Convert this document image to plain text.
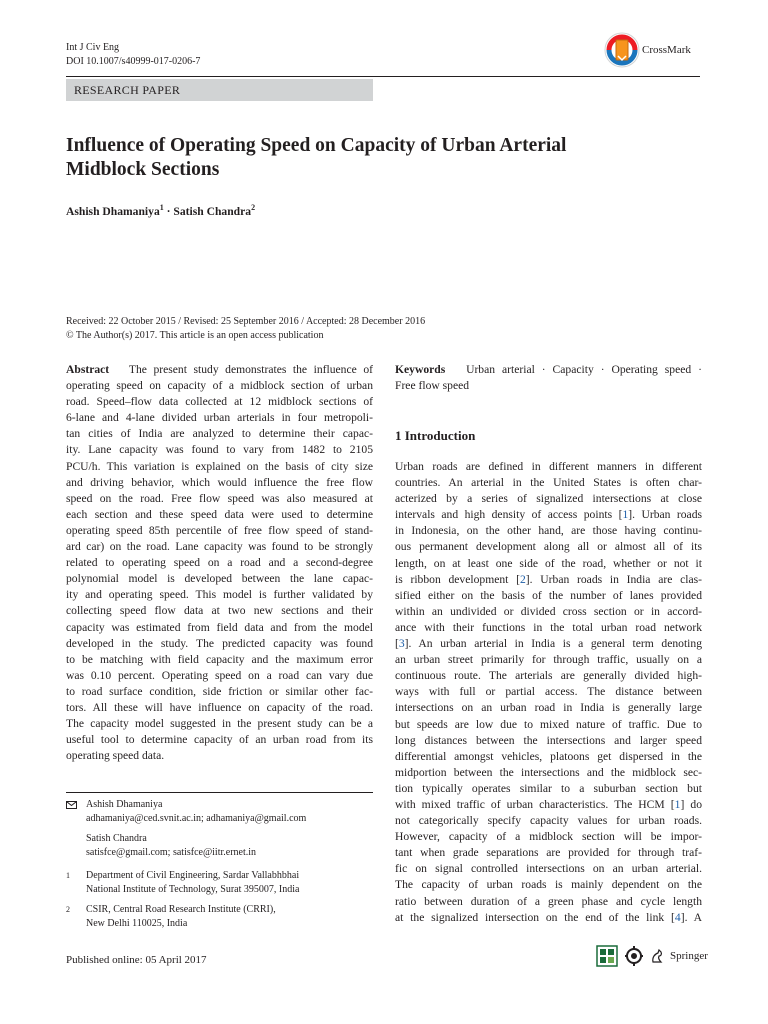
Int J Civ Eng
DOI 10.1007/s40999-017-0206-7
CrossMark
RESEARCH PAPER
Influence of Operating Speed on Capacity of Urban Arterial
Midblock Sections
Ashish Dhamaniya$^1$ · Satish Chandra$^2$
Received: 22 October 2015 / Revised: 25 September 2016 / Accepted: 28 December 2016
© The Author(s) 2017. This article is an open access publication
Abstract The present study demonstrates the influence of
operating speed on capacity of a midblock section of urban
road. Speed–flow data collected at 12 midblock sections of
6-lane and 4-lane divided urban arterials in four metropoli-
tan cities of India are analyzed to determine their capac-
ity. Lane capacity was found to vary from 1482 to 2105
PCU/h. This variation is explained on the basis of city size
and driving behavior, which would influence the free flow
speed on the road. Free flow speed was also measured at
each section and these speed data were used to determine
operating speed 85th percentile of free flow speed of stand-
ard car) on the road. Lane capacity was found to be strongly
related to operating speed on a road and a second-degree
polynomial model is developed between the lane capac-
ity and operating speed. This model is further validated by
collecting speed flow data at two new sections and their
capacity was estimated from field data and from the model
developed in the study. The predicted capacity was found
to be matching with field capacity and the maximum error
was 0.10 percent. Operating speed on a road can vary due
to road surface condition, side friction or similar other fac-
tors. All these will have influence on capacity of the road.
The capacity model suggested in the present study can be a
useful tool to determine capacity of an urban road from its
operating speed data.
Keywords Urban arterial · Capacity · Operating speed ·
Free flow speed
1 Introduction
Urban roads are defined in different manners in different
countries. An arterial in the United States is often char-
acterized by a series of signalized intersections at close
intervals and high density of access points [1]. Urban roads
in Indonesia, on the other hand, are those having continu-
ous permanent development along all or almost all of its
length, on at least one side of the road, whether or not it
is ribbon development [2]. Urban roads in India are clas-
sified either on the basis of the number of lanes provided
within an undivided or divided cross section or in accord-
ance with their functions in the total urban road network
[3]. An urban arterial in India is a general term denoting
an urban street primarily for through traffic, usually on a
continuous route. The arterials are generally divided high-
ways with full or partial access. The distance between
intersections on an urban road in India is generally large
but speeds are low due to mixed nature of traffic. Due to
long distances between the intersections and larger speed
differential amongst vehicles, platoons get dispersed in the
midportion between the intersections and the midblock sec-
tion typically operates similar to a suburban section but
with mixed traffic of urban characteristics. The HCM [1] do
not categorically specify capacity values for urban roads.
However, capacity of a midblock section will be impor-
tant when grade separations are provided for through traf-
fic on signal controlled intersections on an urban arterial.
The capacity of urban roads is mainly dependent on the
ratio between duration of a green phase and cycle length
at the signalized intersection on the end of the link [4]. A
Ashish Dhamaniya
adhamaniya@ced.svnit.ac.in; adhamaniya@gmail.com
Satish Chandra
satisfce@gmail.com; satisfce@iitr.ernet.in
1 Department of Civil Engineering, Sardar Vallabhbhai
National Institute of Technology, Surat 395007, India
2 CSIR, Central Road Research Institute (CRRI),
New Delhi 110025, India
Published online: 05 April 2017	Springer
